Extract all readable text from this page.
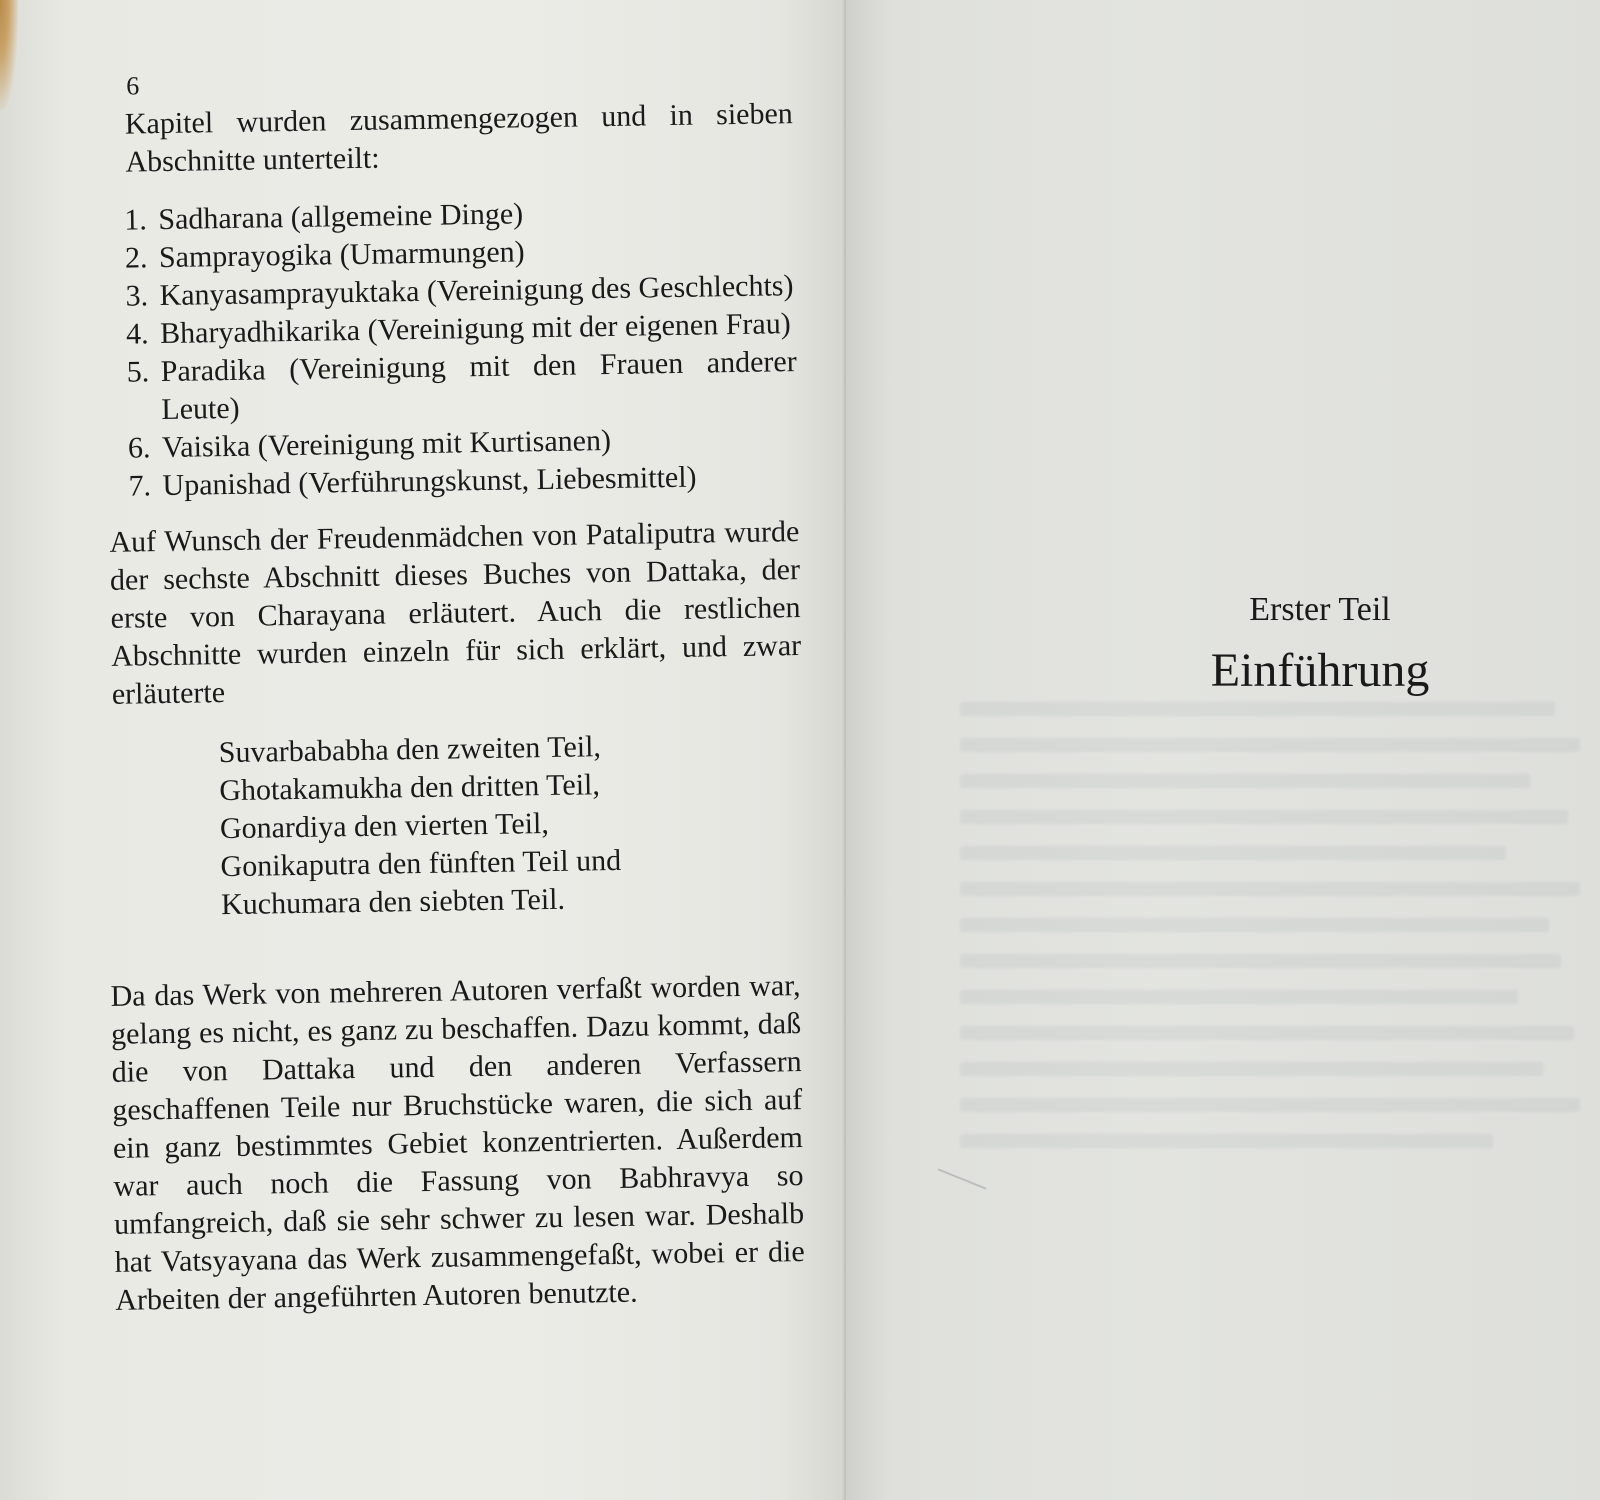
6

Kapitel wurden zusammengezogen und in sieben Abschnitte unterteilt:

1. Sadharana (allgemeine Dinge)
2. Samprayogika (Umarmungen)
3. Kanyasamprayuktaka (Vereinigung des Geschlechts)
4. Bharyadhikarika (Vereinigung mit der eigenen Frau)
5. Paradika (Vereinigung mit den Frauen anderer Leute)
6. Vaisika (Vereinigung mit Kurtisanen)
7. Upanishad (Verführungskunst, Liebesmittel)

Auf Wunsch der Freudenmädchen von Pataliputra wurde der sechste Abschnitt dieses Buches von Dattaka, der erste von Charayana erläutert. Auch die restlichen Abschnitte wurden einzeln für sich erklärt, und zwar erläuterte

Suvarbababha den zweiten Teil,
Ghotakamukha den dritten Teil,
Gonardiya den vierten Teil,
Gonikaputra den fünften Teil und
Kuchumara den siebten Teil.

Da das Werk von mehreren Autoren verfaßt worden war, gelang es nicht, es ganz zu beschaffen. Dazu kommt, daß die von Dattaka und den anderen Verfassern geschaffenen Teile nur Bruchstücke waren, die sich auf ein ganz bestimmtes Gebiet konzentrierten. Außerdem war auch noch die Fassung von Babhravya so umfangreich, daß sie sehr schwer zu lesen war. Deshalb hat Vatsyayana das Werk zusammengefaßt, wobei er die Arbeiten der angeführten Autoren benutzte.

Erster Teil
Einführung
